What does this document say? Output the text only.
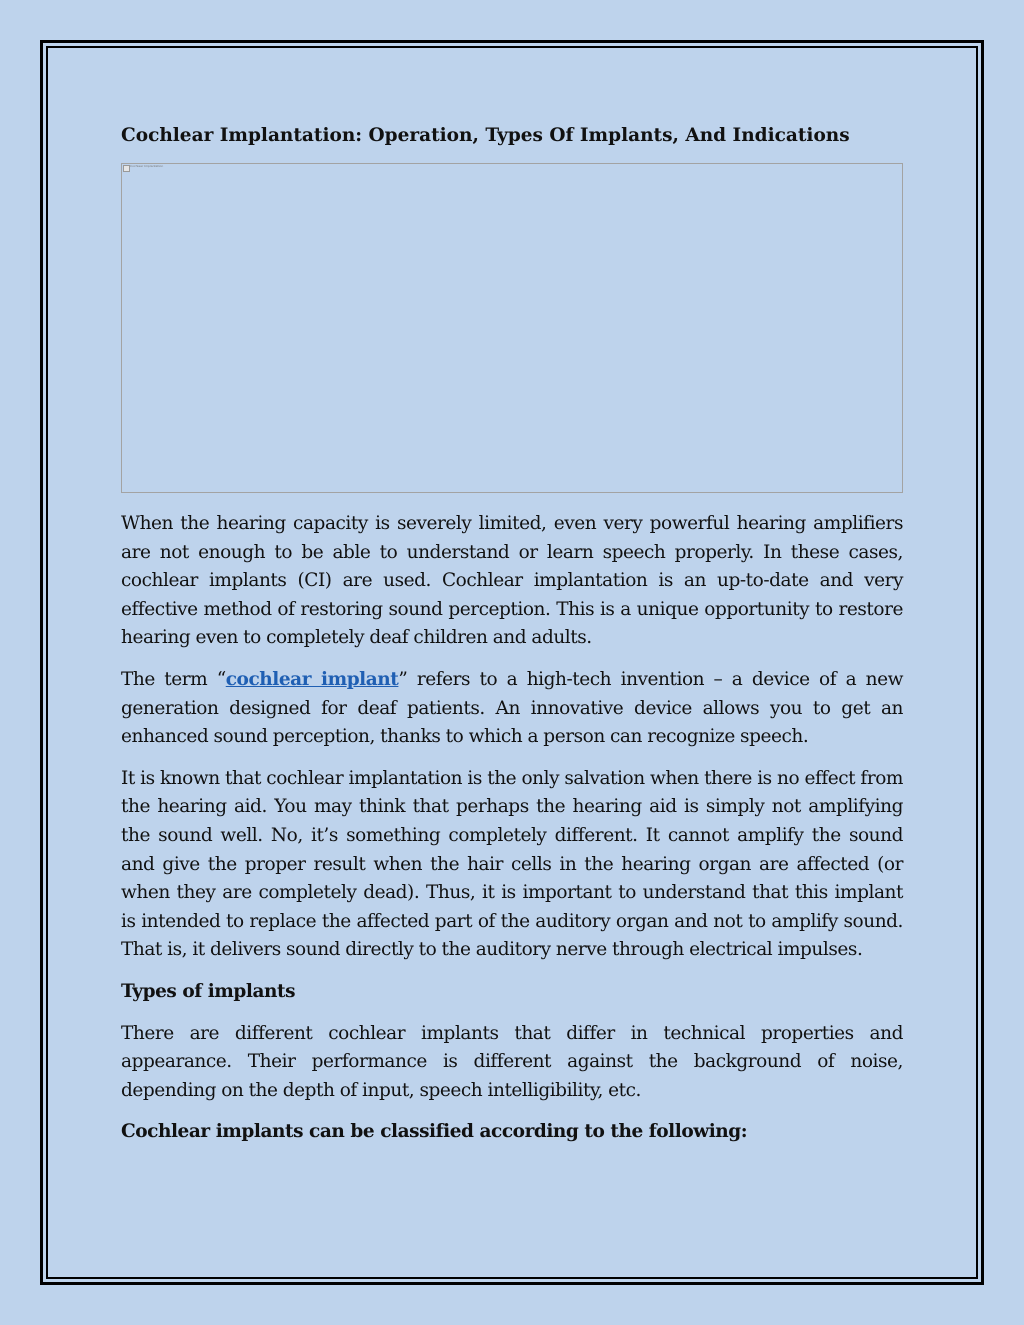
Cochlear Implantation: Operation, Types Of Implants, And Indications
Cochlear Implantation

When the hearing capacity is severely limited, even very powerful hearing amplifiers are not enough to be able to understand or learn speech properly. In these cases, cochlear implants (CI) are used. Cochlear implantation is an up-to-date and very effective method of restoring sound perception. This is a unique opportunity to restore hearing even to completely deaf children and adults.

The term “cochlear implant” refers to a high-tech invention – a device of a new generation designed for deaf patients. An innovative device allows you to get an enhanced sound perception, thanks to which a person can recognize speech.

It is known that cochlear implantation is the only salvation when there is no effect from the hearing aid. You may think that perhaps the hearing aid is simply not amplifying the sound well. No, it’s something completely different. It cannot amplify the sound and give the proper result when the hair cells in the hearing organ are affected (or when they are completely dead). Thus, it is important to understand that this implant is intended to replace the affected part of the auditory organ and not to amplify sound. That is, it delivers sound directly to the auditory nerve through electrical impulses.

Types of implants

There are different cochlear implants that differ in technical properties and appearance. Their performance is different against the background of noise, depending on the depth of input, speech intelligibility, etc.

Cochlear implants can be classified according to the following:
